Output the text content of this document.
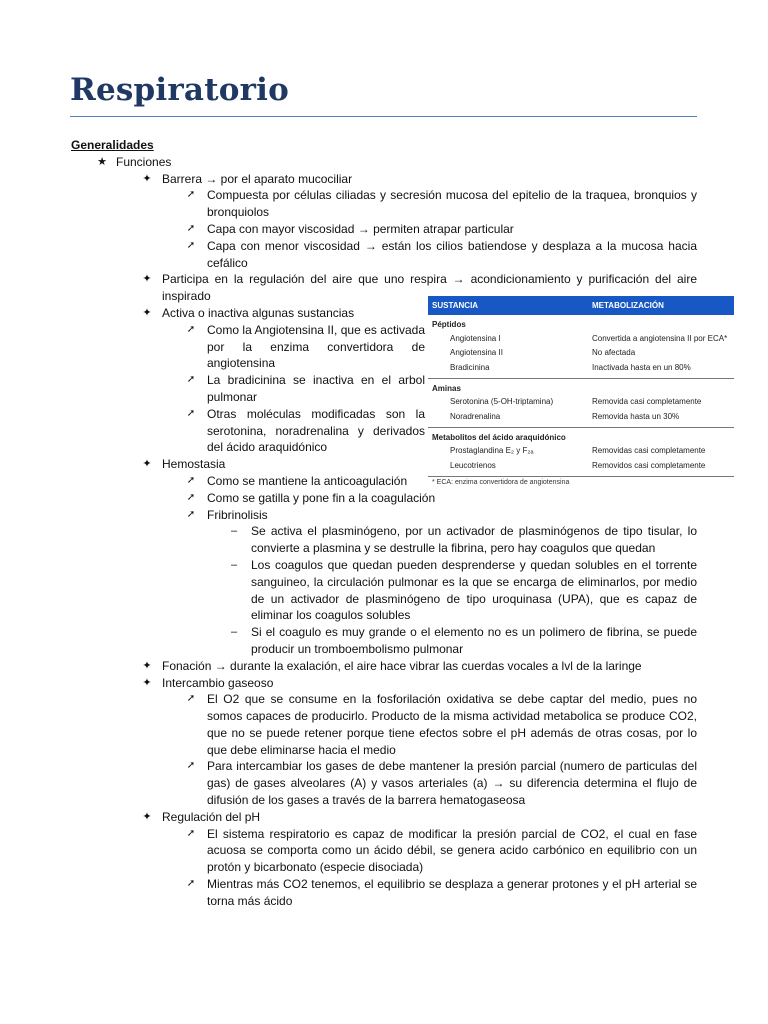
Respiratorio
Generalidades
★ Funciones
✦ Barrera → por el aparato mucociliar
➚ Compuesta por células ciliadas y secresión mucosa del epitelio de la traquea, bronquios y bronquiolos
➚ Capa con mayor viscosidad → permiten atrapar particular
➚ Capa con menor viscosidad → están los cilios batiendose y desplaza a la mucosa hacia cefálico
✦ Participa en la regulación del aire que uno respira → acondicionamiento y purificación del aire inspirado
✦ Activa o inactiva algunas sustancias
➚ Como la Angiotensina II, que es activada por la enzima convertidora de angiotensina
➚ La bradicinina se inactiva en el arbol pulmonar
➚ Otras moléculas modificadas son la serotonina, noradrenalina y derivados del ácido araquidónico
✦ Hemostasia
➚ Como se mantiene la anticoagulación
➚ Como se gatilla y pone fin a la coagulación
➚ Fribrinolisis
–	Se activa el plasminógeno, por un activador de plasminógenos de tipo tisular, lo convierte a plasmina y se destrulle la fibrina, pero hay coagulos que quedan
–	Los coagulos que quedan pueden desprenderse y quedan solubles en el torrente sanguineo, la circulación pulmonar es la que se encarga de eliminarlos, por medio de un activador de plasminógeno de tipo uroquinasa (UPA), que es capaz de eliminar los coagulos solubles
–	Si el coagulo es muy grande o el elemento no es un polimero de fibrina, se puede producir un tromboembolismo pulmonar
✦ Fonación → durante la exalación, el aire hace vibrar las cuerdas vocales a lvl de la laringe
✦ Intercambio gaseoso
➚ El O2 que se consume en la fosforilación oxidativa se debe captar del medio, pues no somos capaces de producirlo. Producto de la misma actividad metabolica se produce CO2, que no se puede retener porque tiene efectos sobre el pH además de otras cosas, por lo que debe eliminarse hacia el medio
➚ Para intercambiar los gases de debe mantener la presión parcial (numero de particulas del gas) de gases alveolares (A) y vasos arteriales (a) → su diferencia determina el flujo de difusión de los gases a través de la barrera hematogaseosa
✦ Regulación del pH
➚ El sistema respiratorio es capaz de modificar la presión parcial de CO2, el cual en fase acuosa se comporta como un ácido débil, se genera acido carbónico en equilibrio con un protón y bicarbonato (especie disociada)
➚ Mientras más CO2 tenemos, el equilibrio se desplaza a generar protones y el pH arterial se torna más ácido
SUSTANCIA	METABOLIZACIÓN
Péptidos
Angiotensina I	Convertida a angiotensina II por ECA*
Angiotensina II	No afectada
Bradicinina	Inactivada hasta en un 80%
Aminas
Serotonina (5-OH-triptamina)	Removida casi completamente
Noradrenalina	Removida hasta un 30%
Metabolitos del ácido araquidónico
Prostaglandina E₂ y F₂ₐ	Removidas casi completamente
Leucotrienos	Removidos casi completamente
* ECA: enzima convertidora de angiotensina
